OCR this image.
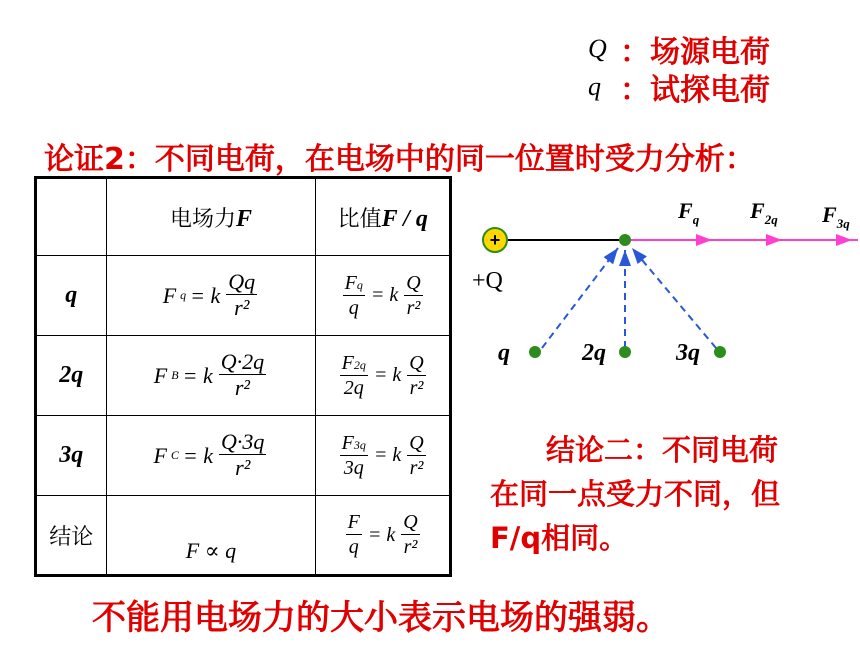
Q ：场源电荷
q ：试探电荷
论证2：不同电荷，在电场中的同一位置时受力分析：
	电场力F	比值F / q
q	F q = k $\frac{Qq}{\text{r²}}$	$\frac{Fq}{q} = k \frac{Q}{\text{r²}}$

2q	F B = k $\frac{Q\cdot 2q}{\text{r²}}$	$\frac{F2q}{2q} = k \frac{Q}{\text{r²}}$

3q	F C = k $\frac{Q\cdot 3q}{\text{r²}}$	$\frac{F3q}{3q} = k \frac{Q}{\text{r²}}$

结论	F ∝ q	$\frac{F}{q} = k \frac{Q}{\text{r²}}$
+
+Q
$F_q$ $F_{2q}$ $F_{3q}$
q	2q	3q
结论二：不同电荷
在同一点受力不同，但
F/q相同。
不能用电场力的大小表示电场的强弱。
